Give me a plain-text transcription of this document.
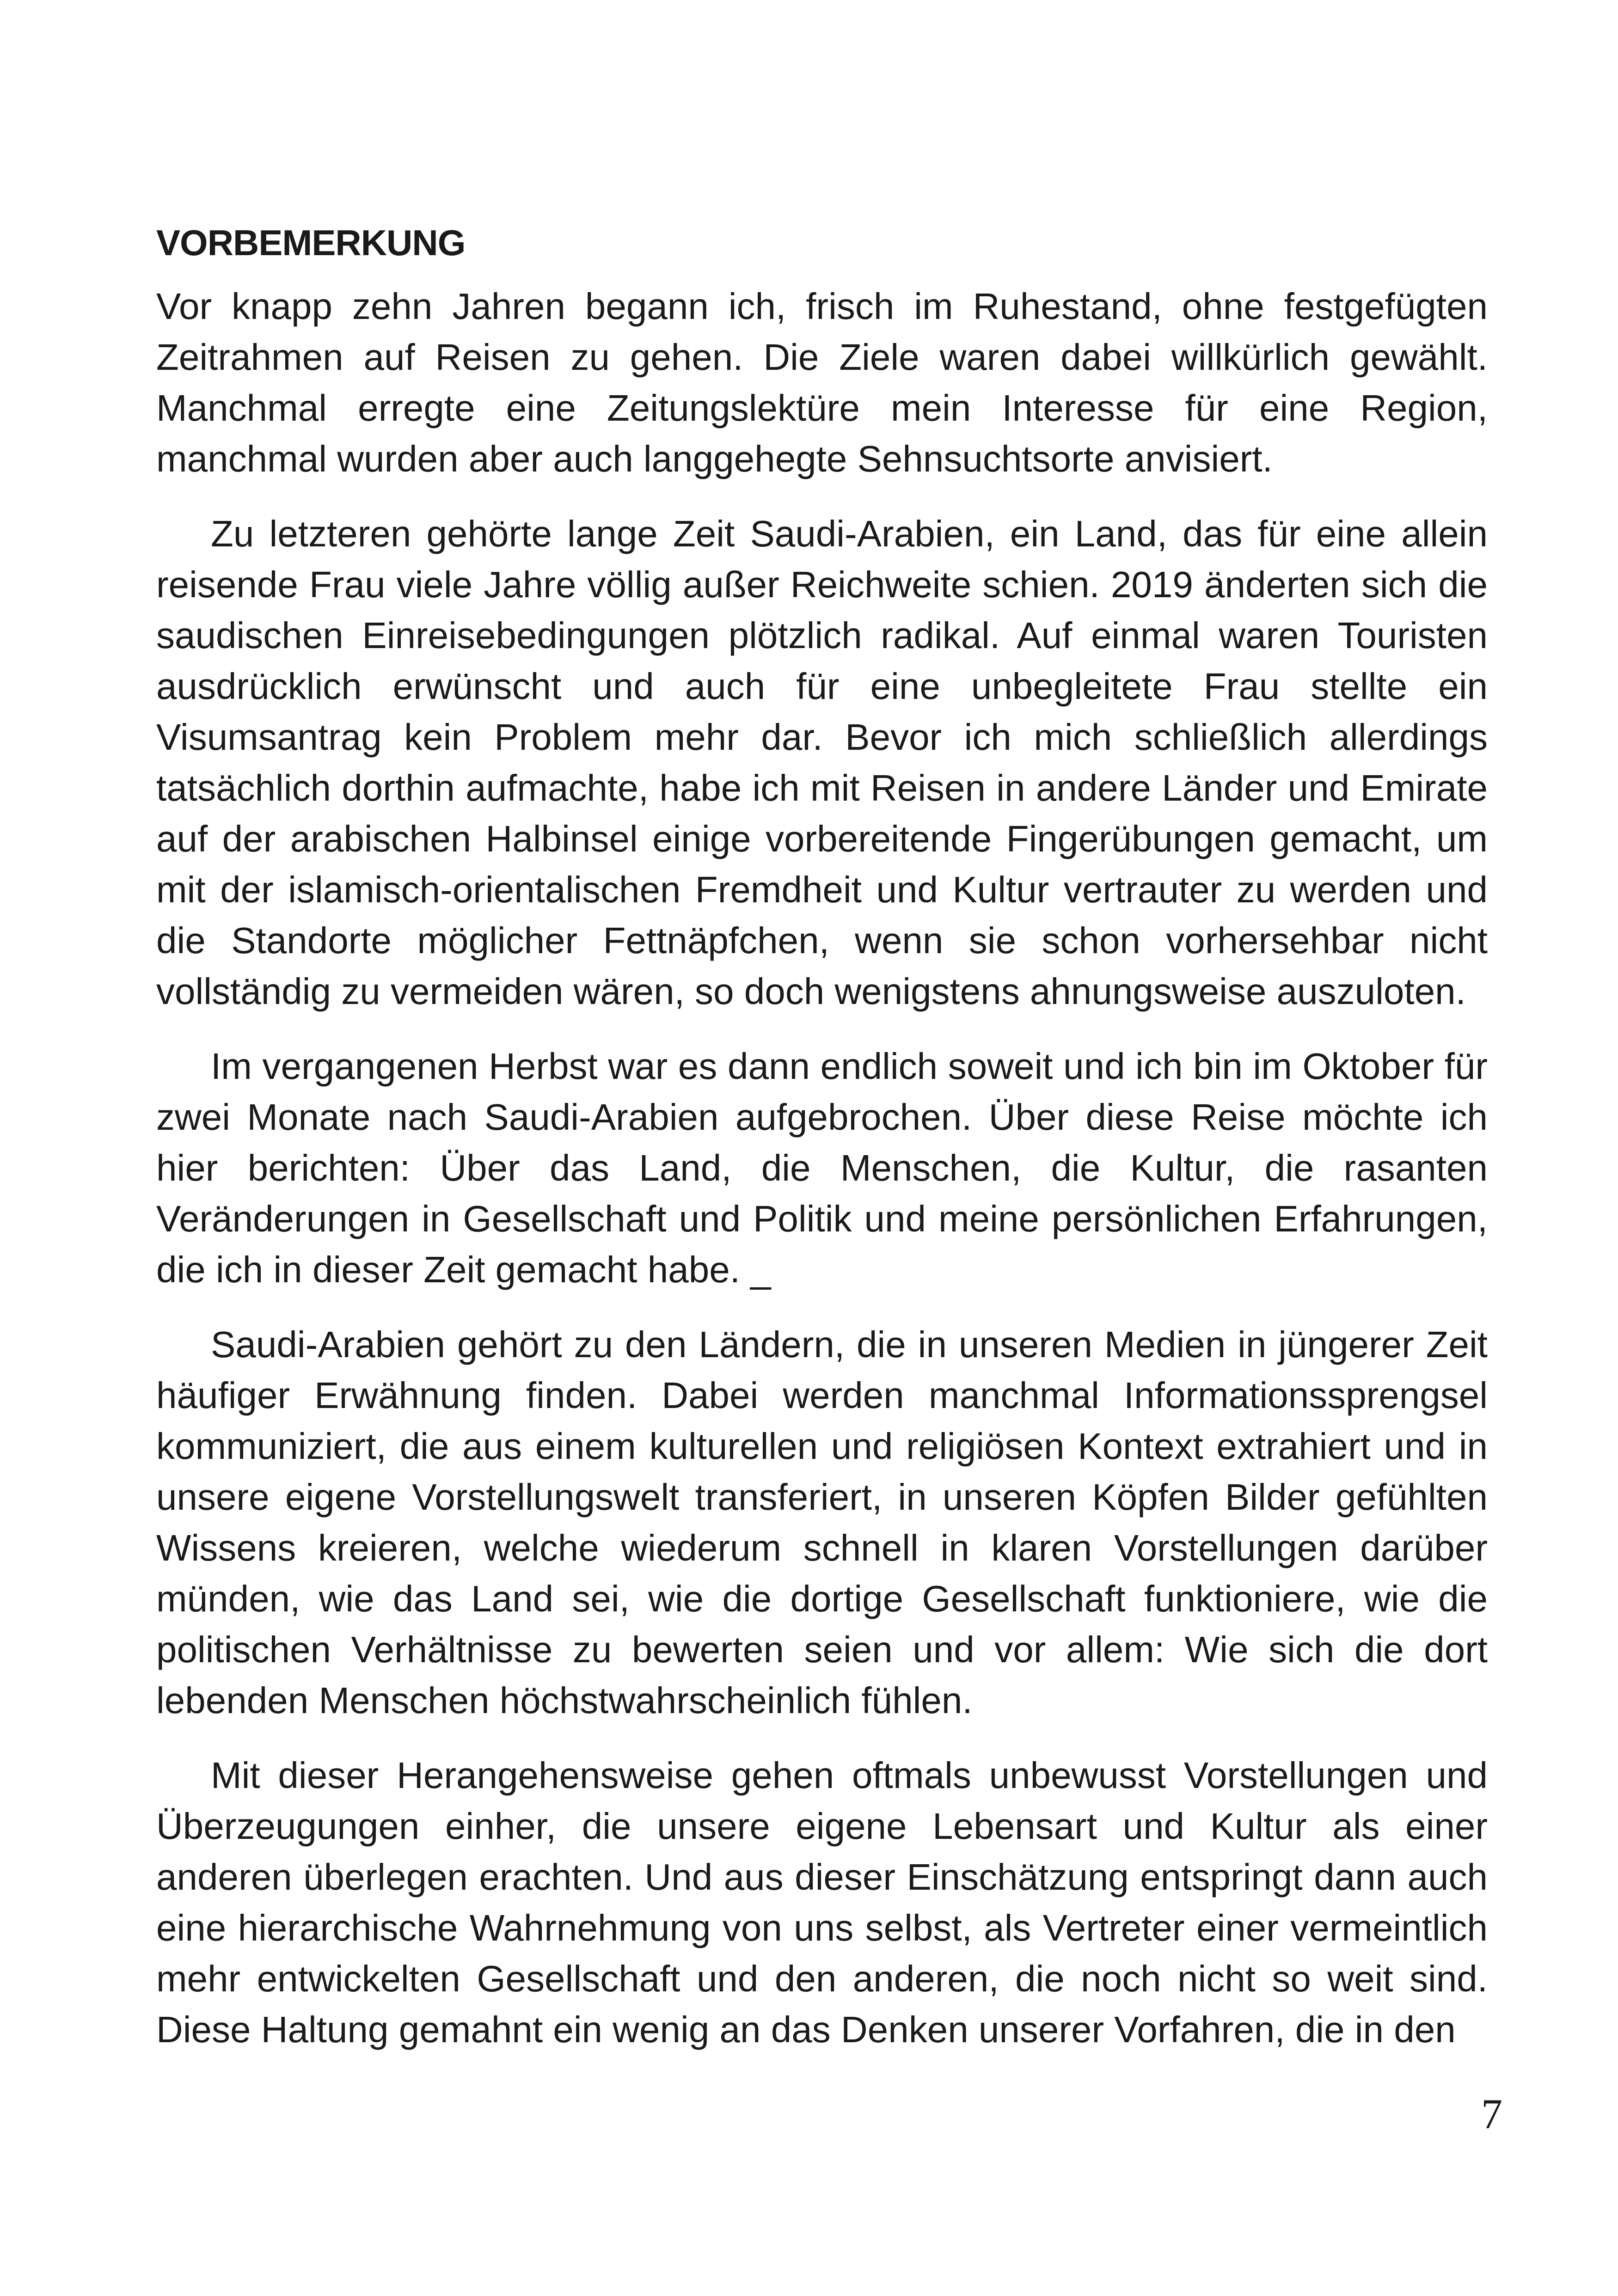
VORBEMERKUNG

Vor knapp zehn Jahren begann ich, frisch im Ruhestand, ohne festgefügten Zeitrahmen auf Reisen zu gehen. Die Ziele waren dabei willkürlich gewählt. Manchmal erregte eine Zeitungslektüre mein Interesse für eine Region, manchmal wurden aber auch langgehegte Sehnsuchtsorte anvisiert.

Zu letzteren gehörte lange Zeit Saudi-Arabien, ein Land, das für eine allein reisende Frau viele Jahre völlig außer Reichweite schien. 2019 änderten sich die saudischen Einreisebedingungen plötzlich radikal. Auf einmal waren Touristen ausdrücklich erwünscht und auch für eine unbegleitete Frau stellte ein Visumsantrag kein Problem mehr dar. Bevor ich mich schließlich allerdings tatsächlich dorthin aufmachte, habe ich mit Reisen in andere Länder und Emirate auf der arabischen Halbinsel einige vorbereitende Fingerübungen gemacht, um mit der islamisch-orientalischen Fremdheit und Kultur vertrauter zu werden und die Standorte möglicher Fettnäpfchen, wenn sie schon vorhersehbar nicht vollständig zu vermeiden wären, so doch wenigstens ahnungsweise auszuloten.

Im vergangenen Herbst war es dann endlich soweit und ich bin im Oktober für zwei Monate nach Saudi-Arabien aufgebrochen. Über diese Reise möchte ich hier berichten: Über das Land, die Menschen, die Kultur, die rasanten Veränderungen in Gesellschaft und Politik und meine persönlichen Erfahrungen, die ich in dieser Zeit gemacht habe. _

Saudi-Arabien gehört zu den Ländern, die in unseren Medien in jüngerer Zeit häufiger Erwähnung finden. Dabei werden manchmal Informationssprengsel kommuniziert, die aus einem kulturellen und religiösen Kontext extrahiert und in unsere eigene Vorstellungswelt transferiert, in unseren Köpfen Bilder gefühlten Wissens kreieren, welche wiederum schnell in klaren Vorstellungen darüber münden, wie das Land sei, wie die dortige Gesellschaft funktioniere, wie die politischen Verhältnisse zu bewerten seien und vor allem: Wie sich die dort lebenden Menschen höchstwahrscheinlich fühlen.

Mit dieser Herangehensweise gehen oftmals unbewusst Vorstellungen und Überzeugungen einher, die unsere eigene Lebensart und Kultur als einer anderen überlegen erachten. Und aus dieser Einschätzung entspringt dann auch eine hierarchische Wahrnehmung von uns selbst, als Vertreter einer vermeintlich mehr entwickelten Gesellschaft und den anderen, die noch nicht so weit sind. Diese Haltung gemahnt ein wenig an das Denken unserer Vorfahren, die in den

7
